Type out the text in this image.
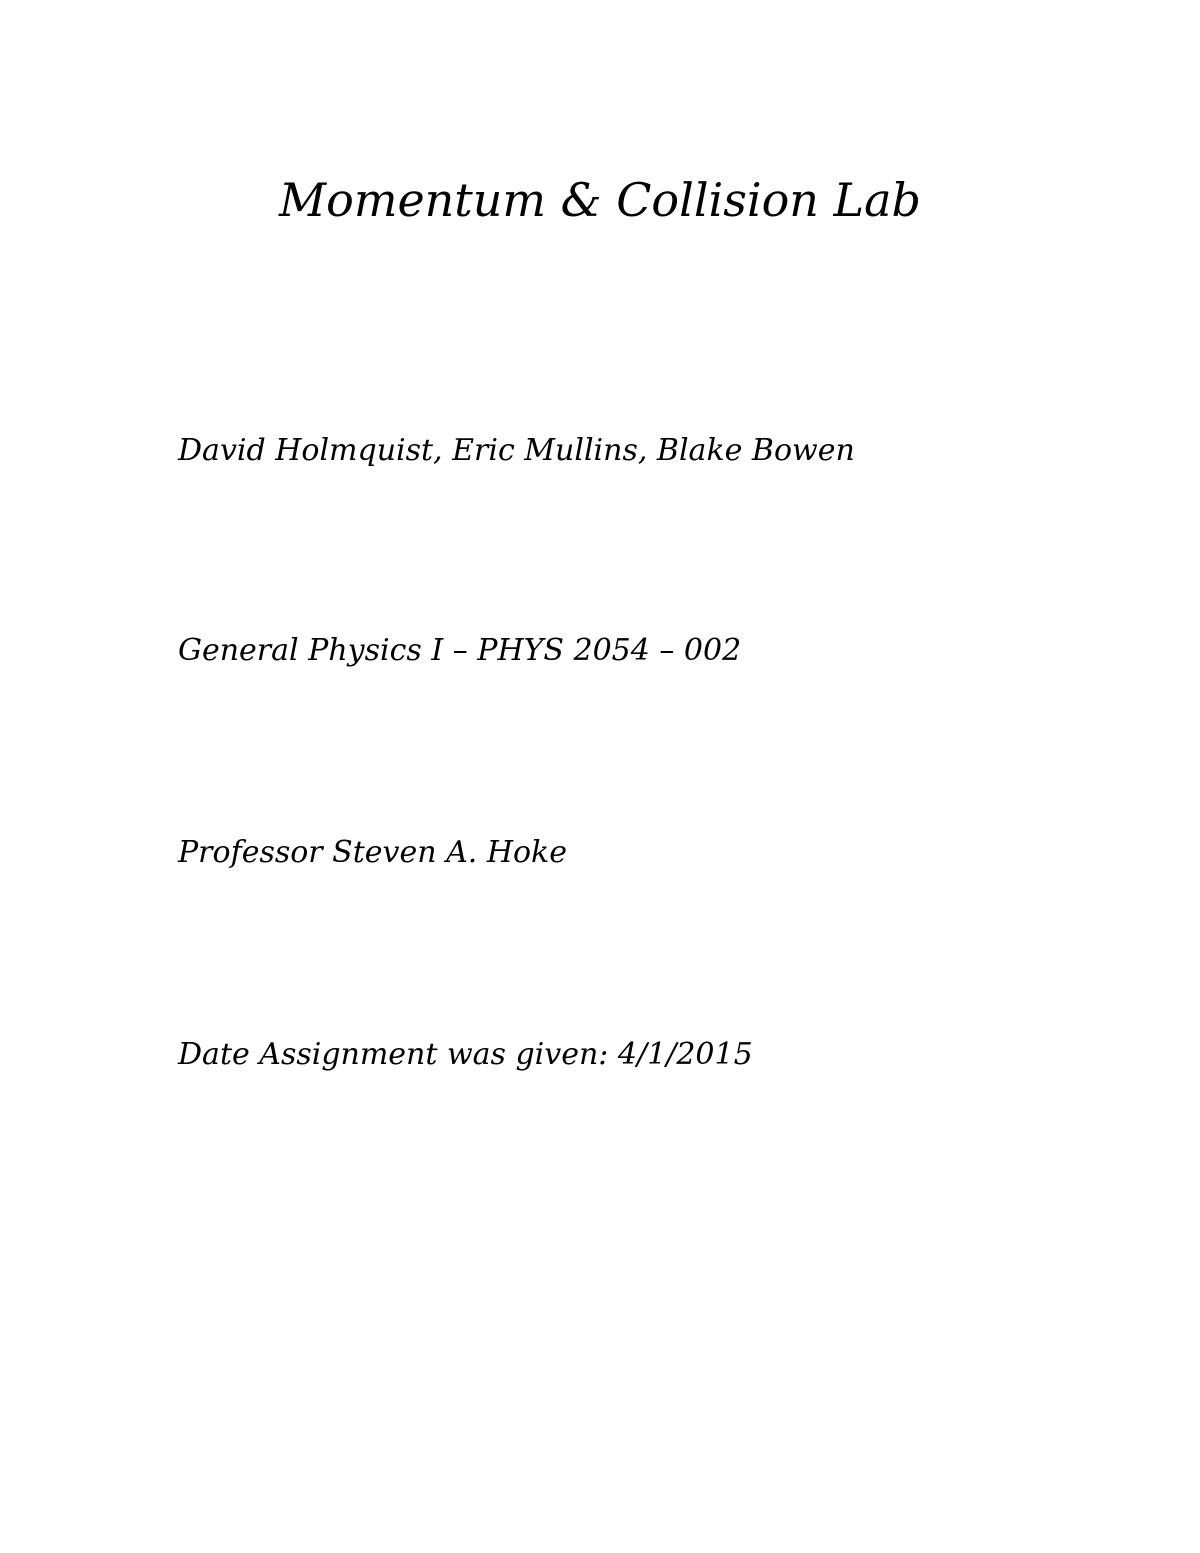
Momentum & Collision Lab

David Holmquist, Eric Mullins, Blake Bowen

General Physics I – PHYS 2054 – 002

Professor Steven A. Hoke

Date Assignment was given: 4/1/2015
